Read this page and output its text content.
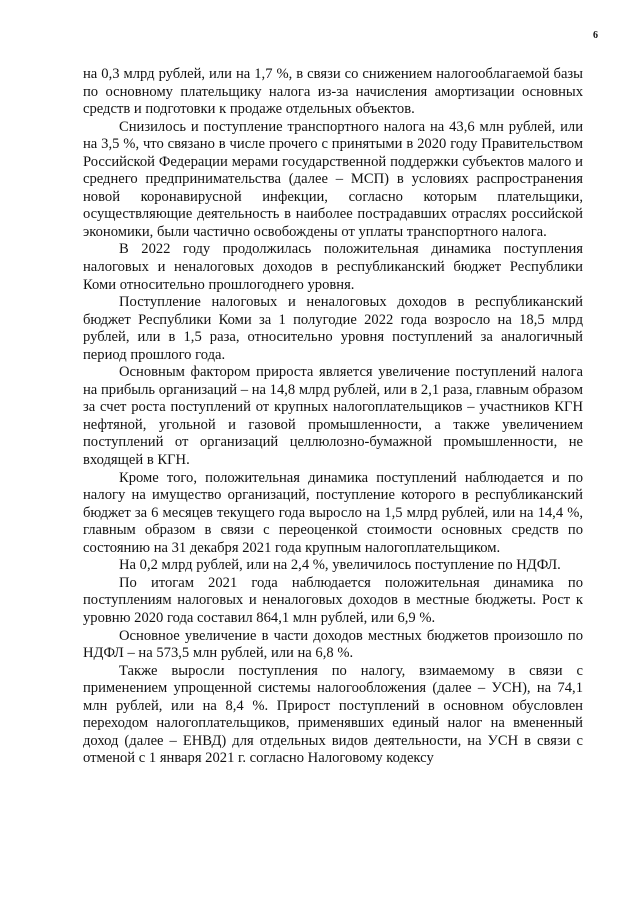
6

на 0,3 млрд рублей, или на 1,7 %, в связи со снижением налогооблагаемой базы по основному плательщику налога из-за начисления амортизации основных средств и подготовки к продаже отдельных объектов.

Снизилось и поступление транспортного налога на 43,6 млн рублей, или на 3,5 %, что связано в числе прочего с принятыми в 2020 году Правительством Российской Федерации мерами государственной поддержки субъектов малого и среднего предпринимательства (далее – МСП) в условиях распространения новой коронавирусной инфекции, согласно которым плательщики, осуществляющие деятельность в наиболее пострадавших отраслях российской экономики, были частично освобождены от уплаты транспортного налога.

В 2022 году продолжилась положительная динамика поступления налоговых и неналоговых доходов в республиканский бюджет Республики Коми относительно прошлогоднего уровня.

Поступление налоговых и неналоговых доходов в республиканский бюджет Республики Коми за 1 полугодие 2022 года возросло на 18,5 млрд рублей, или в 1,5 раза, относительно уровня поступлений за аналогичный период прошлого года.

Основным фактором прироста является увеличение поступлений налога на прибыль организаций – на 14,8 млрд рублей, или в 2,1 раза, главным образом за счет роста поступлений от крупных налогоплательщиков – участников КГН нефтяной, угольной и газовой промышленности, а также увеличением поступлений от организаций целлюлозно-бумажной промышленности, не входящей в КГН.

Кроме того, положительная динамика поступлений наблюдается и по налогу на имущество организаций, поступление которого в республиканский бюджет за 6 месяцев текущего года выросло на 1,5 млрд рублей, или на 14,4 %, главным образом в связи с переоценкой стоимости основных средств по состоянию на 31 декабря 2021 года крупным налогоплательщиком.

На 0,2 млрд рублей, или на 2,4 %, увеличилось поступление по НДФЛ.

По итогам 2021 года наблюдается положительная динамика по поступлениям налоговых и неналоговых доходов в местные бюджеты. Рост к уровню 2020 года составил 864,1 млн рублей, или 6,9 %.

Основное увеличение в части доходов местных бюджетов произошло по НДФЛ – на 573,5 млн рублей, или на 6,8 %.

Также выросли поступления по налогу, взимаемому в связи с применением упрощенной системы налогообложения (далее – УСН), на 74,1 млн рублей, или на 8,4 %. Прирост поступлений в основном обусловлен переходом налогоплательщиков, применявших единый налог на вмененный доход (далее – ЕНВД) для отдельных видов деятельности, на УСН в связи с отменой с 1 января 2021 г. согласно Налоговому кодексу
